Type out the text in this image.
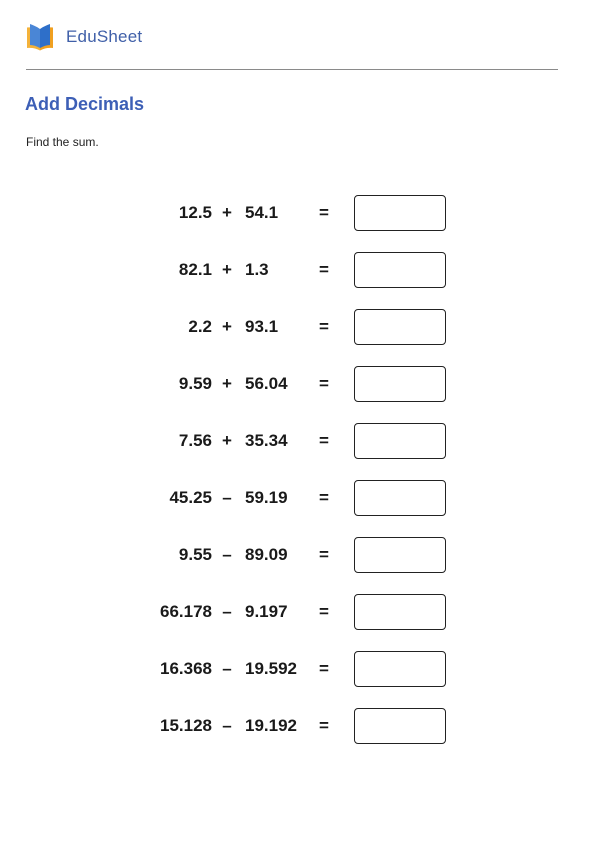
EduSheet
Add Decimals

Find the sum.

12.5 + 54.1 =
82.1 + 1.3	=
2.2 + 93.1 =
9.59 + 56.04 =
7.56 + 35.34 =
45.25 – 59.19 =
9.55 – 89.09 =
66.178 – 9.197 =
16.368 – 19.592 =
15.128 – 19.192 =
